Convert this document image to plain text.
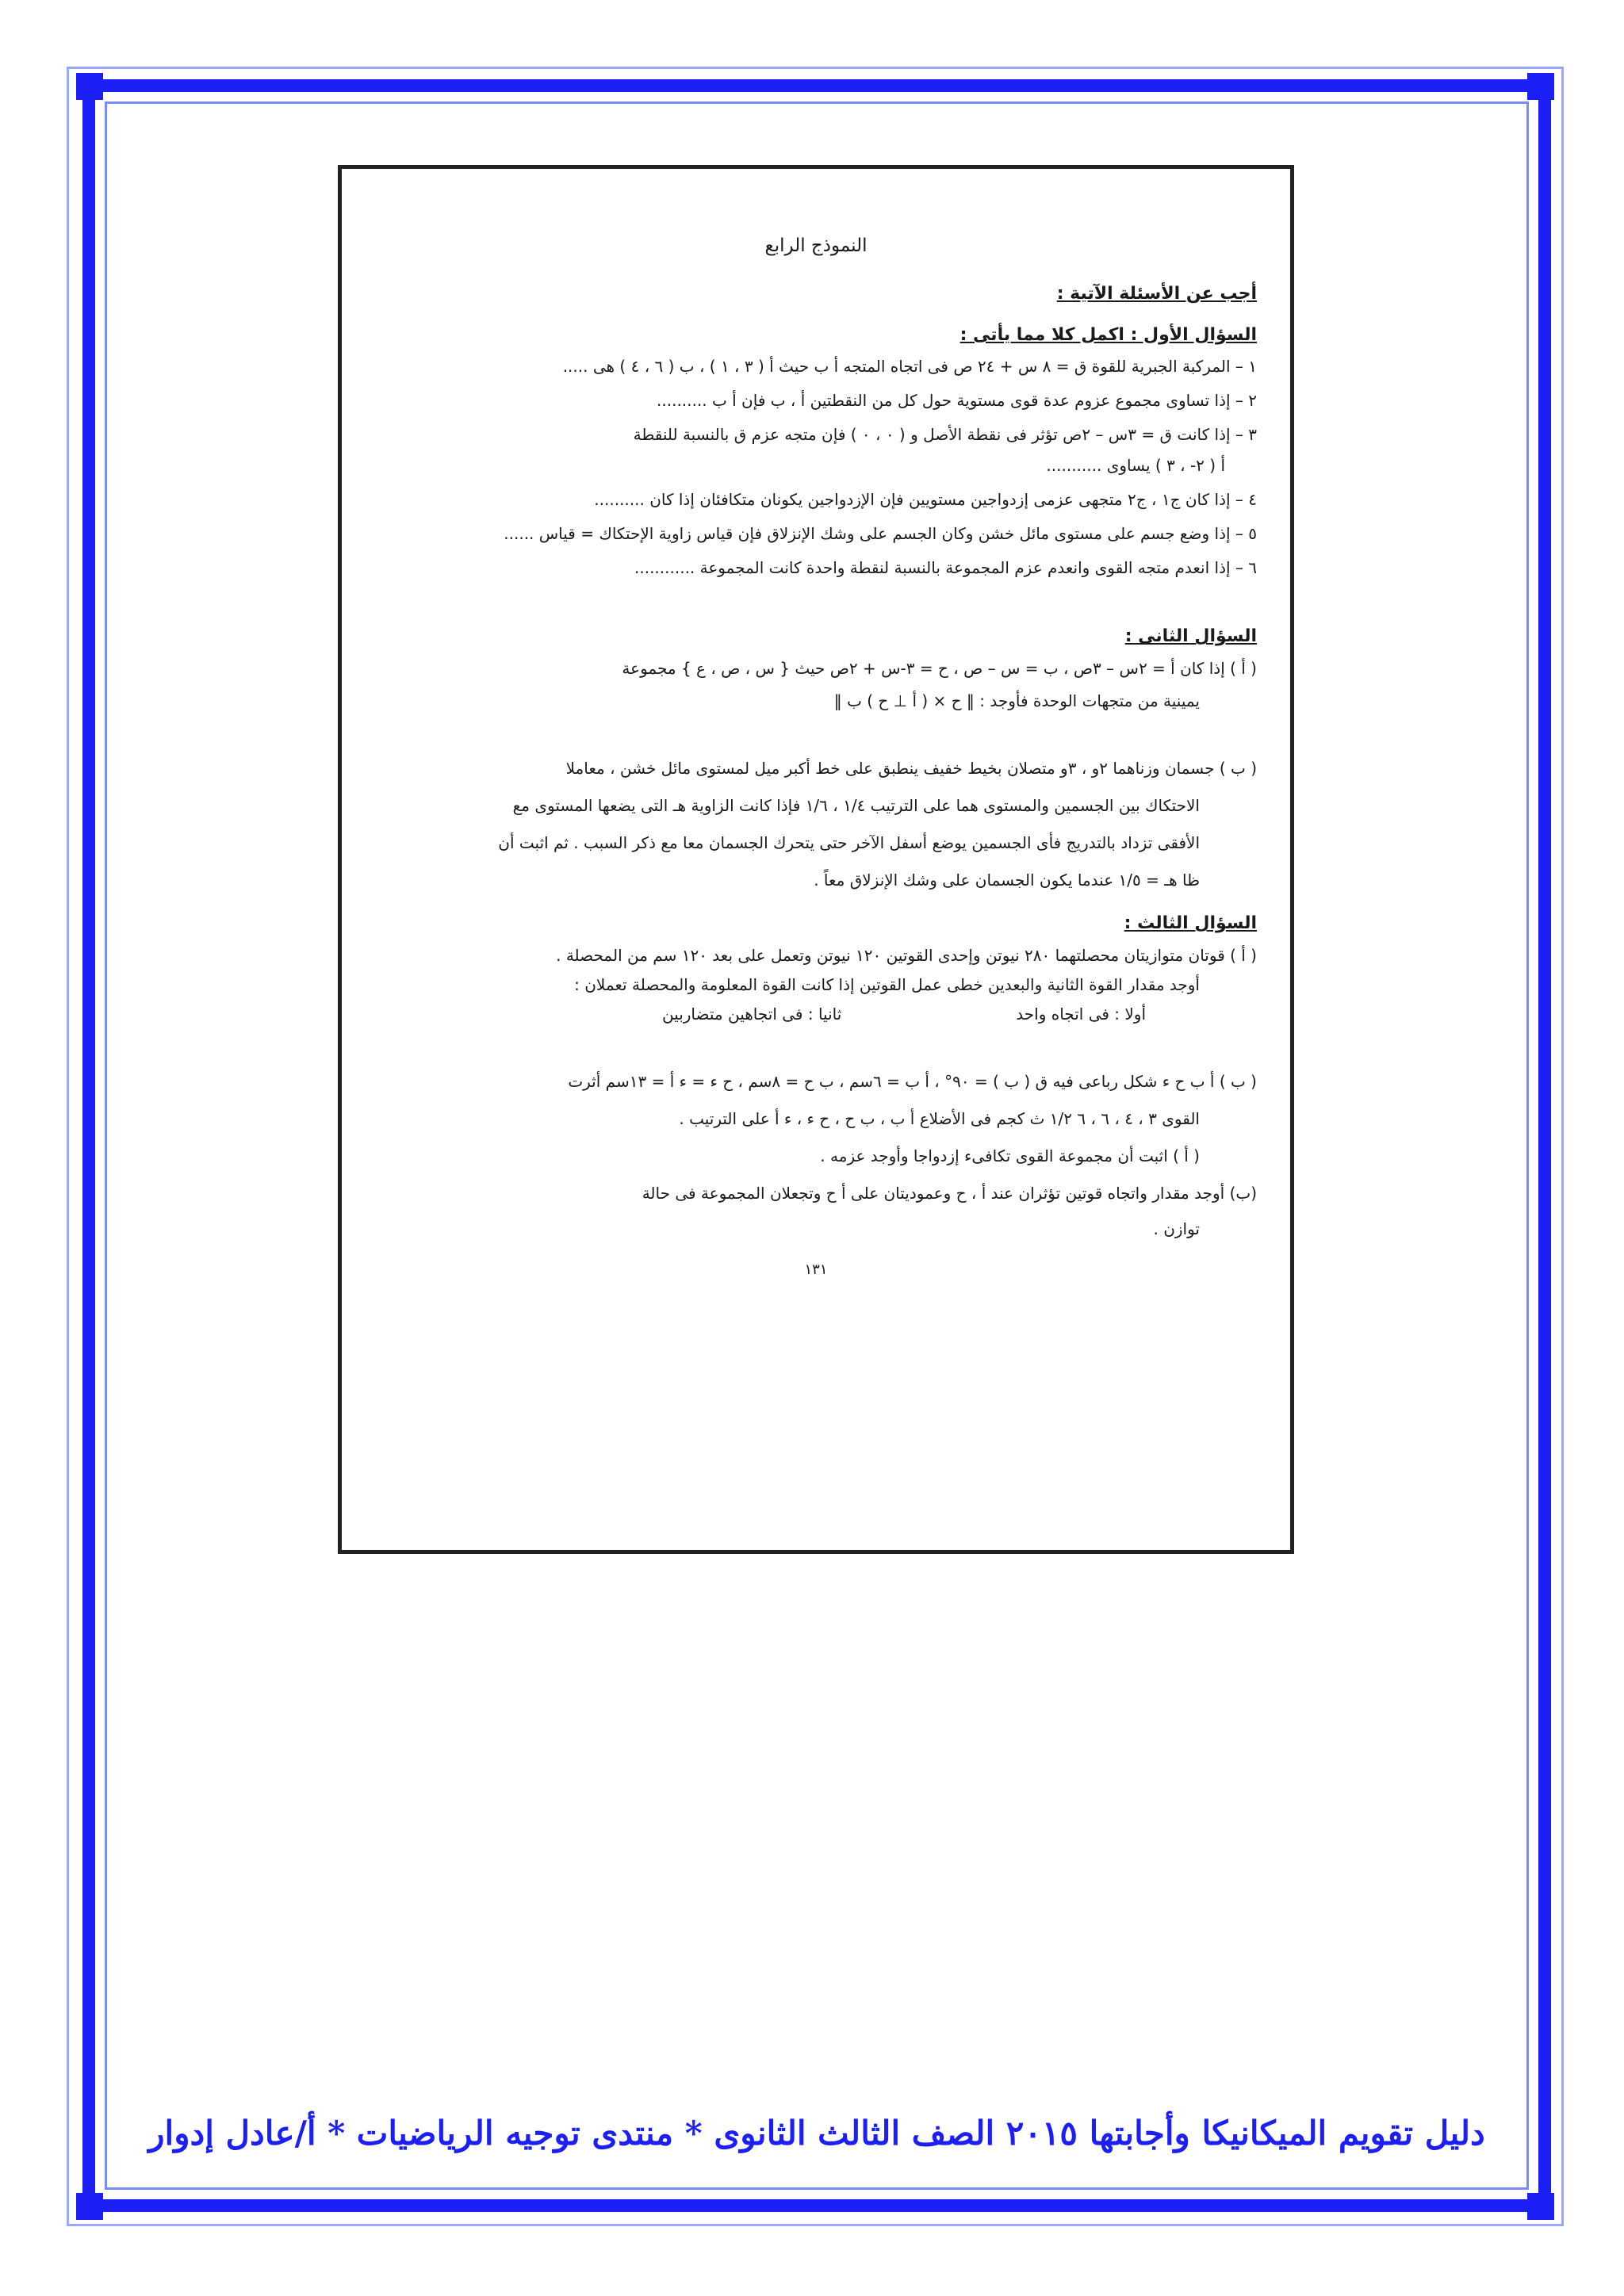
النموذج الرابع
أجب عن الأسئلة الآتية :
السؤال الأول : اكمل كلا مما يأتى :

١ – المركبة الجبرية للقوة ق = ٨ س + ٢٤ ص فى اتجاه المتجه أ ب حيث أ ( ٣ ، ١ ) ، ب ( ٦ ، ٤ ) هى .....

٢ – إذا تساوى مجموع عزوم عدة قوى مستوية حول كل من النقطتين أ ، ب فإن أ ب ..........

٣ – إذا كانت ق = ٣س – ٢ص تؤثر فى نقطة الأصل و ( ٠ ، ٠ ) فإن متجه عزم ق بالنسبة للنقطة

أ ( ٢- ، ٣ ) يساوى ...........

٤ – إذا كان ج١ ، ج٢ متجهى عزمى إزدواجين مستويين فإن الإزدواجين يكونان متكافئان إذا كان ..........

٥ – إذا وضع جسم على مستوى مائل خشن وكان الجسم على وشك الإنزلاق فإن قياس زاوية الإحتكاك = قياس ......

٦ – إذا انعدم متجه القوى وانعدم عزم المجموعة بالنسبة لنقطة واحدة كانت المجموعة ............

السؤال الثانى :

( أ ) إذا كان أ = ٢س – ٣ص ، ب = س – ص ، ح = ٣-س + ٢ص حيث { س ، ص ، ع } مجموعة

يمينية من متجهات الوحدة فأوجد : ‖ ح × ( أ ⊥ ح ) ب ‖

( ب ) جسمان وزناهما ٢و ، ٣و متصلان بخيط خفيف ينطبق على خط أكبر ميل لمستوى مائل خشن ، معاملا

الاحتكاك بين الجسمين والمستوى هما على الترتيب ١/٤ ، ١/٦ فإذا كانت الزاوية هـ التى يضعها المستوى مع

الأفقى تزداد بالتدريج فأى الجسمين يوضع أسفل الآخر حتى يتحرك الجسمان معا مع ذكر السبب . ثم اثبت أن

ظا هـ = ١/٥ عندما يكون الجسمان على وشك الإنزلاق معاً .

السؤال الثالث :

( أ ) قوتان متوازيتان محصلتهما ٢٨٠ نيوتن وإحدى القوتين ١٢٠ نيوتن وتعمل على بعد ١٢٠ سم من المحصلة .

أوجد مقدار القوة الثانية والبعدين خطى عمل القوتين إذا كانت القوة المعلومة والمحصلة تعملان :

أولا : فى اتجاه واحد
ثانيا : فى اتجاهين متضاربين

( ب ) أ ب ح ء شكل رباعى فيه ق ( ب ) = ٩٠° ، أ ب = ٦سم ، ب ح = ٨سم ، ح ء = ء أ = ١٣سم أثرت

القوى ٣ ، ٤ ، ٦ ، ٦ ١/٢ ث كجم فى الأضلاع أ ب ، ب ح ، ح ء ، ء أ على الترتيب .

( أ ) اثبت أن مجموعة القوى تكافىء إزدواجا وأوجد عزمه .

(ب) أوجد مقدار واتجاه قوتين تؤثران عند أ ، ح وعموديتان على أ ح وتجعلان المجموعة فى حالة

توازن .

١٣١
دليل تقويم الميكانيكا وأجابتها ٢٠١٥ الصف الثالث الثانوى * منتدى توجيه الرياضيات * أ/عادل إدوار
